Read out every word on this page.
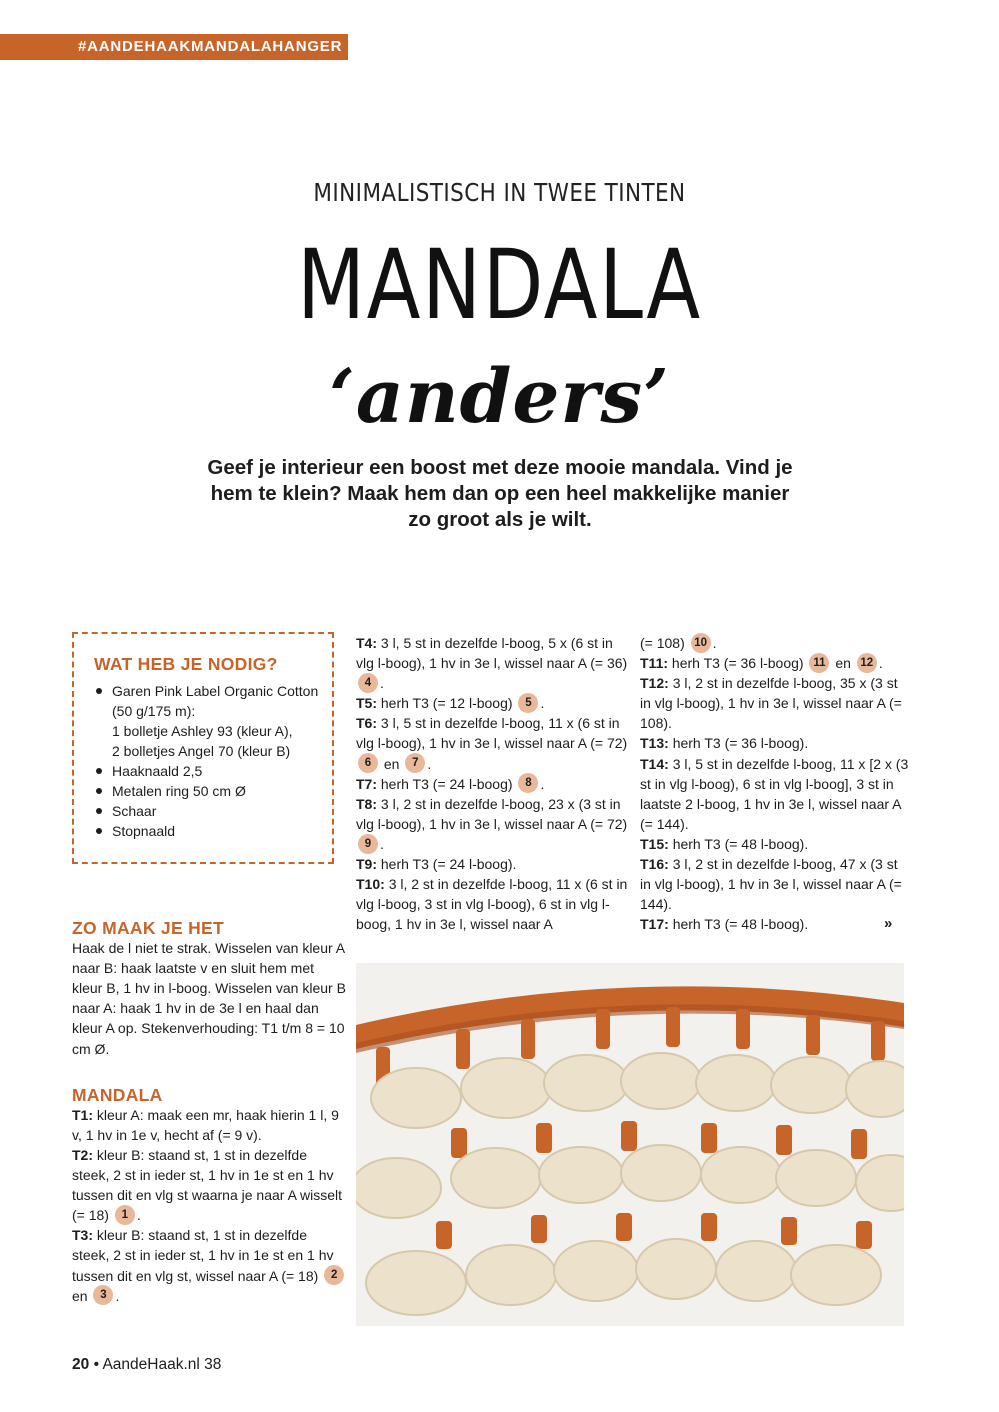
#AANDEHAAKMANDALAHANGER
MINIMALISTISCH IN TWEE TINTEN
MANDALA
‘anders’

Geef je interieur een boost met deze mooie mandala. Vind je hem te klein? Maak hem dan op een heel makkelijke manier zo groot als je wilt.

WAT HEB JE NODIG?
Garen Pink Label Organic Cotton (50 g/175 m):
1 bolletje Ashley 93 (kleur A),
2 bolletjes Angel 70 (kleur B)
Haaknaald 2,5
Metalen ring 50 cm Ø
Schaar
Stopnaald
ZO MAAK JE HET

Haak de l niet te strak. Wisselen van kleur A naar B: haak laatste v en sluit hem met kleur B, 1 hv in l-boog. Wisselen van kleur B naar A: haak 1 hv in de 3e l en haal dan kleur A op. Stekenverhouding: T1 t/m 8 = 10 cm Ø.

MANDALA

T1: kleur A: maak een mr, haak hierin 1 l, 9 v, 1 hv in 1e v, hecht af (= 9 v).

T2: kleur B: staand st, 1 st in dezelfde steek, 2 st in ieder st, 1 hv in 1e st en 1 hv tussen dit en vlg st waarna je naar A wisselt (= 18) 1 .

T3: kleur B: staand st, 1 st in dezelfde steek, 2 st in ieder st, 1 hv in 1e st en 1 hv tussen dit en vlg st, wissel naar A (= 18) 2 en 3 .

T4: 3 l, 5 st in dezelfde l-boog, 5 x (6 st in vlg l-boog), 1 hv in 3e l, wissel naar A (= 36) 4 .

T5: herh T3 (= 12 l-boog) 5 .

T6: 3 l, 5 st in dezelfde l-boog, 11 x (6 st in vlg l-boog), 1 hv in 3e l, wissel naar A (= 72) 6 en 7 .

T7: herh T3 (= 24 l-boog) 8 .

T8: 3 l, 2 st in dezelfde l-boog, 23 x (3 st in vlg l-boog), 1 hv in 3e l, wissel naar A (= 72) 9 .

T9: herh T3 (= 24 l-boog).

T10: 3 l, 2 st in dezelfde l-boog, 11 x (6 st in vlg l-boog, 3 st in vlg l-boog), 6 st in vlg l-boog, 1 hv in 3e l, wissel naar A

(= 108) 10 .

T11: herh T3 (= 36 l-boog) 11 en 12 .

T12: 3 l, 2 st in dezelfde l-boog, 35 x (3 st in vlg l-boog), 1 hv in 3e l, wissel naar A (= 108).

T13: herh T3 (= 36 l-boog).

T14: 3 l, 5 st in dezelfde l-boog, 11 x [2 x (3 st in vlg l-boog), 6 st in vlg l-boog], 3 st in laatste 2 l-boog, 1 hv in 3e l, wissel naar A (= 144).

T15: herh T3 (= 48 l-boog).

T16: 3 l, 2 st in dezelfde l-boog, 47 x (3 st in vlg l-boog), 1 hv in 3e l, wissel naar A (= 144).

T17: herh T3 (= 48 l-boog).	»
20 • AandeHaak.nl 38
